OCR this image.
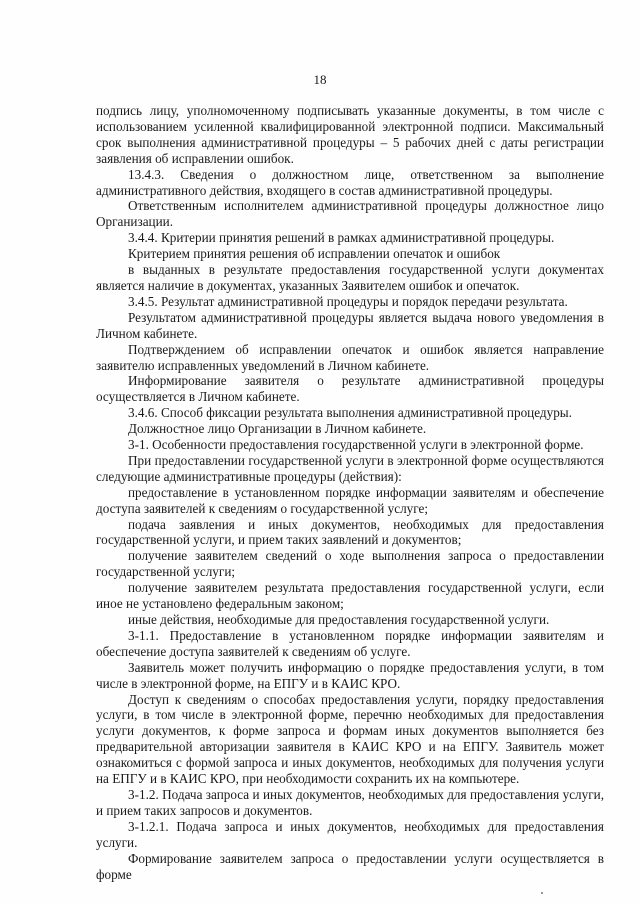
18

подпись лицу, уполномоченному подписывать указанные документы, в том числе с использованием усиленной квалифицированной электронной подписи. Максимальный срок выполнения административной процедуры – 5 рабочих дней с даты регистрации заявления об исправлении ошибок.

13.4.3. Сведения о должностном лице, ответственном за выполнение административного действия, входящего в состав административной процедуры.

Ответственным исполнителем административной процедуры должностное лицо Организации.

3.4.4. Критерии принятия решений в рамках административной процедуры.

Критерием принятия решения об исправлении опечаток и ошибок

в выданных в результате предоставления государственной услуги документах является наличие в документах, указанных Заявителем ошибок и опечаток.

3.4.5. Результат административной процедуры и порядок передачи результата.

Результатом административной процедуры является выдача нового уведомления в Личном кабинете.

Подтверждением об исправлении опечаток и ошибок является направление заявителю исправленных уведомлений в Личном кабинете.

Информирование заявителя о результате административной процедуры осуществляется в Личном кабинете.

3.4.6. Способ фиксации результата выполнения административной процедуры.

Должностное лицо Организации в Личном кабинете.

3-1. Особенности предоставления государственной услуги в электронной форме.

При предоставлении государственной услуги в электронной форме осуществляются следующие административные процедуры (действия):

предоставление в установленном порядке информации заявителям и обеспечение доступа заявителей к сведениям о государственной услуге;

подача заявления и иных документов, необходимых для предоставления государственной услуги, и прием таких заявлений и документов;

получение заявителем сведений о ходе выполнения запроса о предоставлении государственной услуги;

получение заявителем результата предоставления государственной услуги, если иное не установлено федеральным законом;

иные действия, необходимые для предоставления государственной услуги.

3-1.1. Предоставление в установленном порядке информации заявителям и обеспечение доступа заявителей к сведениям об услуге.

Заявитель может получить информацию о порядке предоставления услуги, в том числе в электронной форме, на ЕПГУ и в КАИС КРО.

Доступ к сведениям о способах предоставления услуги, порядку предоставления услуги, в том числе в электронной форме, перечню необходимых для предоставления услуги документов, к форме запроса и формам иных документов выполняется без предварительной авторизации заявителя в КАИС КРО и на ЕПГУ. Заявитель может ознакомиться с формой запроса и иных документов, необходимых для получения услуги на ЕПГУ и в КАИС КРО, при необходимости сохранить их на компьютере.

3-1.2. Подача запроса и иных документов, необходимых для предоставления услуги, и прием таких запросов и документов.

3-1.2.1. Подача запроса и иных документов, необходимых для предоставления услуги.

Формирование заявителем запроса о предоставлении услуги осуществляется в форме
